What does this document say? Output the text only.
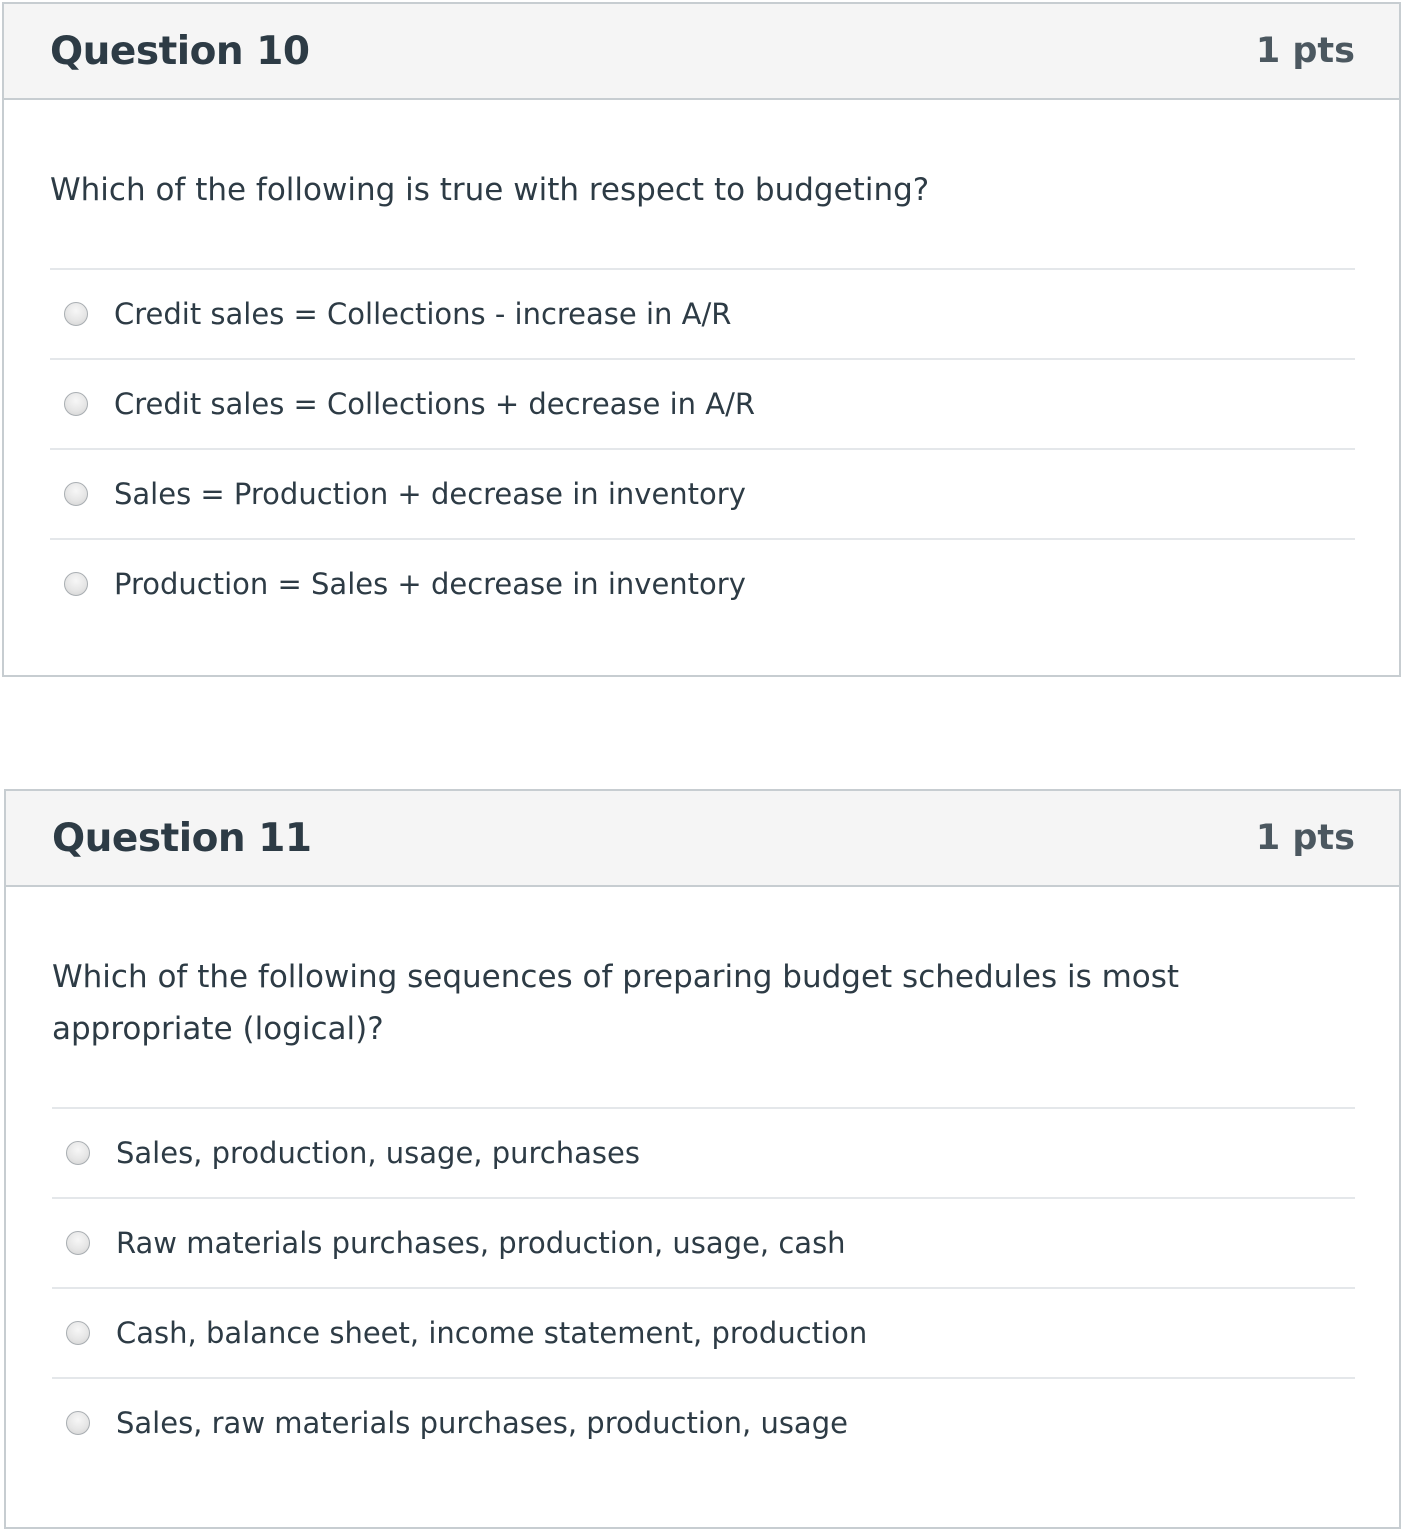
Question 10	1 pts
Which of the following is true with respect to budgeting?
Credit sales = Collections - increase in A/R
Credit sales = Collections + decrease in A/R
Sales = Production + decrease in inventory
Production = Sales + decrease in inventory
Question 11	1 pts
Which of the following sequences of preparing budget schedules is most appropriate (logical)?
Sales, production, usage, purchases
Raw materials purchases, production, usage, cash
Cash, balance sheet, income statement, production
Sales, raw materials purchases, production, usage
